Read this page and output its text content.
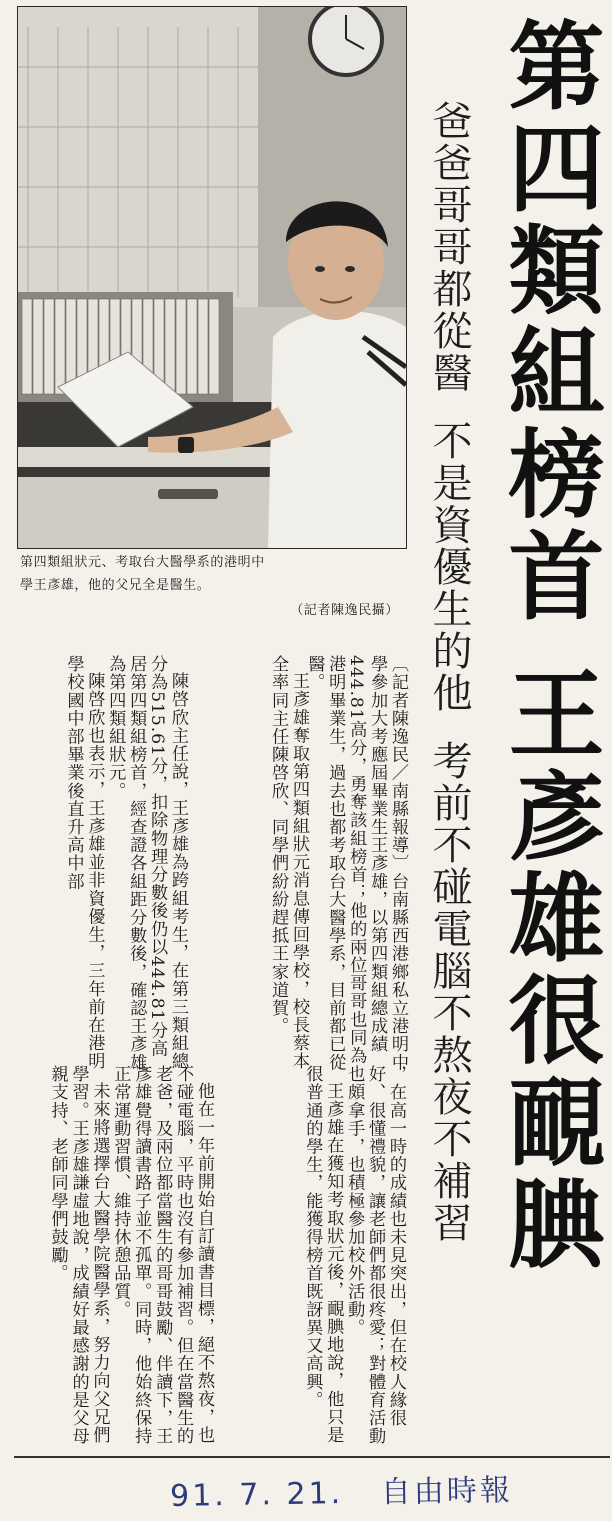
第四類組狀元、考取台大醫學系的港明中
學王彥雄，他的父兄全是醫生。
（記者陳逸民攝） 第四類組榜首王彥雄很靦腆
爸爸哥哥都從醫不是資優生的他考前不碰電腦不熬夜不補習

〔記者陳逸民／南縣報導〕台南縣西港鄉私立港明中學參加大考應屆畢業生王彥雄，以第四類組總成績444.81高分，勇奪該組榜首；他的兩位哥哥也同為港明畢業生，過去也都考取台大醫學系，目前都已從醫。

王彥雄奪取第四類組狀元消息傳回學校，校長蔡本全率同主任陳啓欣、同學們紛紛趕抵王家道賀。

陳啓欣主任說，王彥雄為跨組考生，在第三類組總分為515.61分，扣除物理分數後仍以444.81分高居第四類組榜首，經查證各組距分數後，確認王彥雄為第四類組狀元。

陳啓欣也表示，王彥雄並非資優生，三年前在港明學校國中部畢業後直升高中部

，在高一時的成績也未見突出，但在校人緣很好、很懂禮貌，讓老師們都很疼愛；對體育活動也頗拿手，也積極參加校外活動。

王彥雄在獲知考取狀元後，靦腆地說，他只是很普通的學生，能獲得榜首既訝異又高興。

他在一年前開始自訂讀書目標，絕不熬夜，也不碰電腦，平時也沒有參加補習。但在當醫生的老爸，及兩位都當醫生的哥哥鼓勵、伴讀下，王彥雄覺得讀書路子並不孤單。同時，他始終保持正常運動習慣、維持休憩品質。

未來將選擇台大醫學院醫學系，努力向父兄們學習。王彥雄謙虛地說，成績好最感謝的是父母親支持、老師同學們鼓勵。

91. 7. 21. 自由時報
